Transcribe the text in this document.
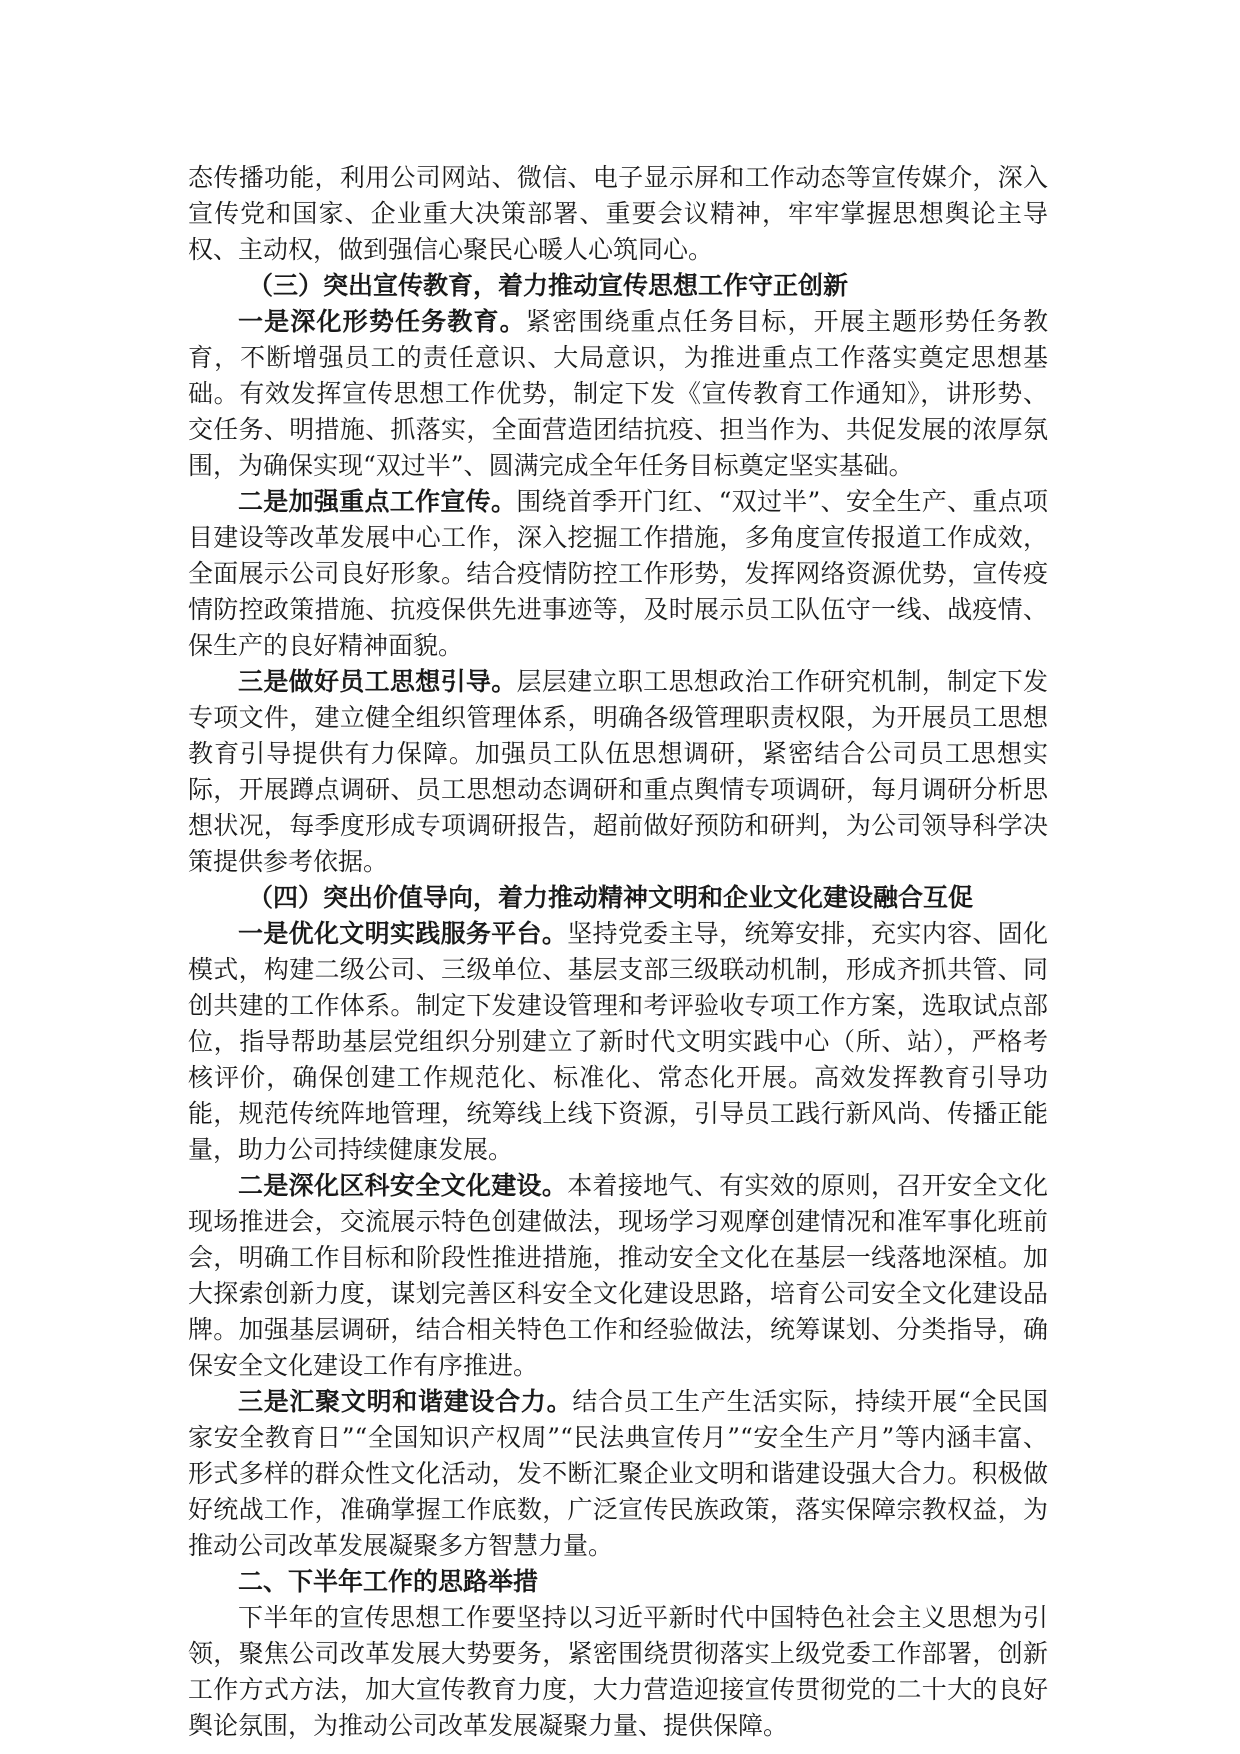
态传播功能，利用公司网站、微信、电子显示屏和工作动态等宣传媒介，深入宣传党和国家、企业重大决策部署、重要会议精神，牢牢掌握思想舆论主导权、主动权，做到强信心聚民心暖人心筑同心。

（三）突出宣传教育，着力推动宣传思想工作守正创新

一是深化形势任务教育。紧密围绕重点任务目标，开展主题形势任务教育，不断增强员工的责任意识、大局意识，为推进重点工作落实奠定思想基础。有效发挥宣传思想工作优势，制定下发《宣传教育工作通知》，讲形势、交任务、明措施、抓落实，全面营造团结抗疫、担当作为、共促发展的浓厚氛围，为确保实现“双过半”、圆满完成全年任务目标奠定坚实基础。

二是加强重点工作宣传。围绕首季开门红、“双过半”、安全生产、重点项目建设等改革发展中心工作，深入挖掘工作措施，多角度宣传报道工作成效，全面展示公司良好形象。结合疫情防控工作形势，发挥网络资源优势，宣传疫情防控政策措施、抗疫保供先进事迹等，及时展示员工队伍守一线、战疫情、保生产的良好精神面貌。

三是做好员工思想引导。层层建立职工思想政治工作研究机制，制定下发专项文件，建立健全组织管理体系，明确各级管理职责权限，为开展员工思想教育引导提供有力保障。加强员工队伍思想调研，紧密结合公司员工思想实际，开展蹲点调研、员工思想动态调研和重点舆情专项调研，每月调研分析思想状况，每季度形成专项调研报告，超前做好预防和研判，为公司领导科学决策提供参考依据。

（四）突出价值导向，着力推动精神文明和企业文化建设融合互促

一是优化文明实践服务平台。坚持党委主导，统筹安排，充实内容、固化模式，构建二级公司、三级单位、基层支部三级联动机制，形成齐抓共管、同创共建的工作体系。制定下发建设管理和考评验收专项工作方案，选取试点部位，指导帮助基层党组织分别建立了新时代文明实践中心（所、站），严格考核评价，确保创建工作规范化、标准化、常态化开展。高效发挥教育引导功能，规范传统阵地管理，统筹线上线下资源，引导员工践行新风尚、传播正能量，助力公司持续健康发展。

二是深化区科安全文化建设。本着接地气、有实效的原则，召开安全文化现场推进会，交流展示特色创建做法，现场学习观摩创建情况和准军事化班前会，明确工作目标和阶段性推进措施，推动安全文化在基层一线落地深植。加大探索创新力度，谋划完善区科安全文化建设思路，培育公司安全文化建设品牌。加强基层调研，结合相关特色工作和经验做法，统筹谋划、分类指导，确保安全文化建设工作有序推进。

三是汇聚文明和谐建设合力。结合员工生产生活实际，持续开展“全民国家安全教育日”“全国知识产权周”“民法典宣传月”“安全生产月”等内涵丰富、形式多样的群众性文化活动，发不断汇聚企业文明和谐建设强大合力。积极做好统战工作，准确掌握工作底数，广泛宣传民族政策，落实保障宗教权益，为推动公司改革发展凝聚多方智慧力量。

二、下半年工作的思路举措

下半年的宣传思想工作要坚持以习近平新时代中国特色社会主义思想为引领，聚焦公司改革发展大势要务，紧密围绕贯彻落实上级党委工作部署，创新工作方式方法，加大宣传教育力度，大力营造迎接宣传贯彻党的二十大的良好舆论氛围，为推动公司改革发展凝聚力量、提供保障。
